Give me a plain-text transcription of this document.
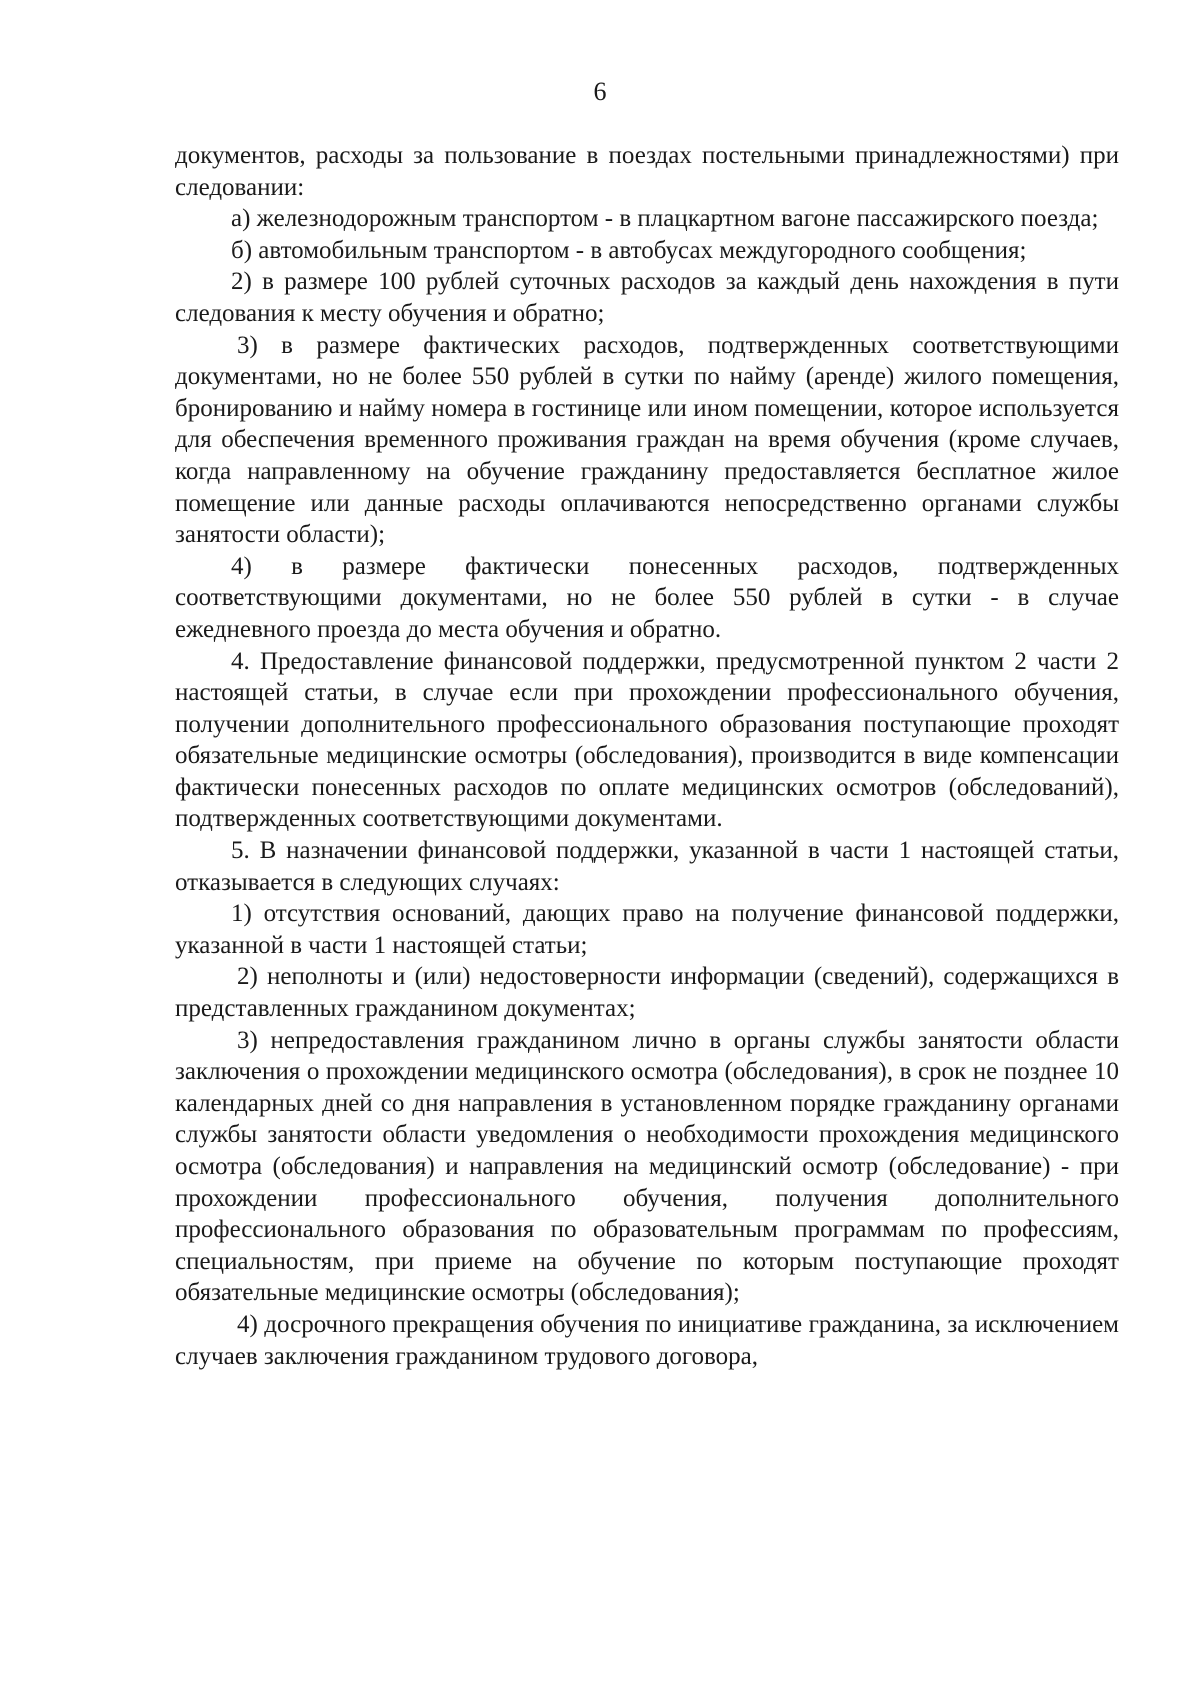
6

документов, расходы за пользование в поездах постельными принадлежностями) при следовании:

а) железнодорожным транспортом - в плацкартном вагоне пассажирского поезда;

б) автомобильным транспортом - в автобусах междугородного сообщения;

2) в размере 100 рублей суточных расходов за каждый день нахождения в пути следования к месту обучения и обратно;

3) в размере фактических расходов, подтвержденных соответствующими документами, но не более 550 рублей в сутки по найму (аренде) жилого помещения, бронированию и найму номера в гостинице или ином помещении, которое используется для обеспечения временного проживания граждан на время обучения (кроме случаев, когда направленному на обучение гражданину предоставляется бесплатное жилое помещение или данные расходы оплачиваются непосредственно органами службы занятости области);

4) в размере фактически понесенных расходов, подтвержденных соответствующими документами, но не более 550 рублей в сутки - в случае ежедневного проезда до места обучения и обратно.

4. Предоставление финансовой поддержки, предусмотренной пунктом 2 части 2 настоящей статьи, в случае если при прохождении профессионального обучения, получении дополнительного профессионального образования поступающие проходят обязательные медицинские осмотры (обследования), производится в виде компенсации фактически понесенных расходов по оплате медицинских осмотров (обследований), подтвержденных соответствующими документами.

5. В назначении финансовой поддержки, указанной в части 1 настоящей статьи, отказывается в следующих случаях:

1) отсутствия оснований, дающих право на получение финансовой поддержки, указанной в части 1 настоящей статьи;

2) неполноты и (или) недостоверности информации (сведений), содержащихся в представленных гражданином документах;

3) непредоставления гражданином лично в органы службы занятости области заключения о прохождении медицинского осмотра (обследования), в срок не позднее 10 календарных дней со дня направления в установленном порядке гражданину органами службы занятости области уведомления о необходимости прохождения медицинского осмотра (обследования) и направления на медицинский осмотр (обследование) - при прохождении профессионального обучения, получения дополнительного профессионального образования по образовательным программам по профессиям, специальностям, при приеме на обучение по которым поступающие проходят обязательные медицинские осмотры (обследования);

4) досрочного прекращения обучения по инициативе гражданина, за исключением случаев заключения гражданином трудового договора,
